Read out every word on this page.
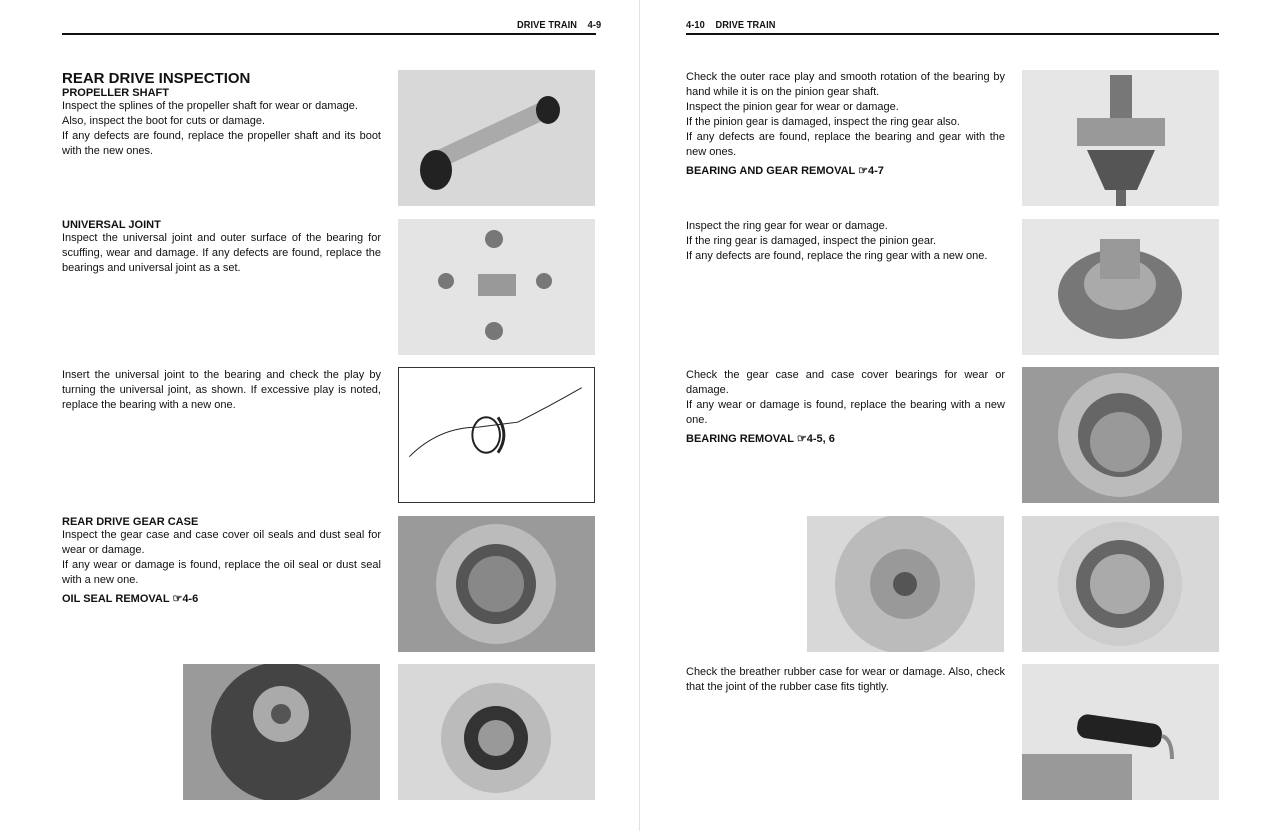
DRIVE TRAIN 4-9
REAR DRIVE INSPECTION
PROPELLER SHAFT

Inspect the splines of the propeller shaft for wear or damage.

Also, inspect the boot for cuts or damage.

If any defects are found, replace the propeller shaft and its boot with the new ones.

UNIVERSAL JOINT

Inspect the universal joint and outer surface of the bearing for scuffing, wear and damage. If any defects are found, replace the bearings and universal joint as a set.

Insert the universal joint to the bearing and check the play by turning the universal joint, as shown. If excessive play is noted, replace the bearing with a new one.

REAR DRIVE GEAR CASE

Inspect the gear case and case cover oil seals and dust seal for wear or damage.

If any wear or damage is found, replace the oil seal or dust seal with a new one.

OIL SEAL REMOVAL ☞4-6
4-10 DRIVE TRAIN

Check the outer race play and smooth rotation of the bearing by hand while it is on the pinion gear shaft.

Inspect the pinion gear for wear or damage.

If the pinion gear is damaged, inspect the ring gear also.

If any defects are found, replace the bearing and gear with the new ones.

BEARING AND GEAR REMOVAL ☞4-7

Inspect the ring gear for wear or damage.

If the ring gear is damaged, inspect the pinion gear.

If any defects are found, replace the ring gear with a new one.

Check the gear case and case cover bearings for wear or damage.

If any wear or damage is found, replace the bearing with a new one.

BEARING REMOVAL ☞4-5, 6

Check the breather rubber case for wear or damage. Also, check that the joint of the rubber case fits tightly.
